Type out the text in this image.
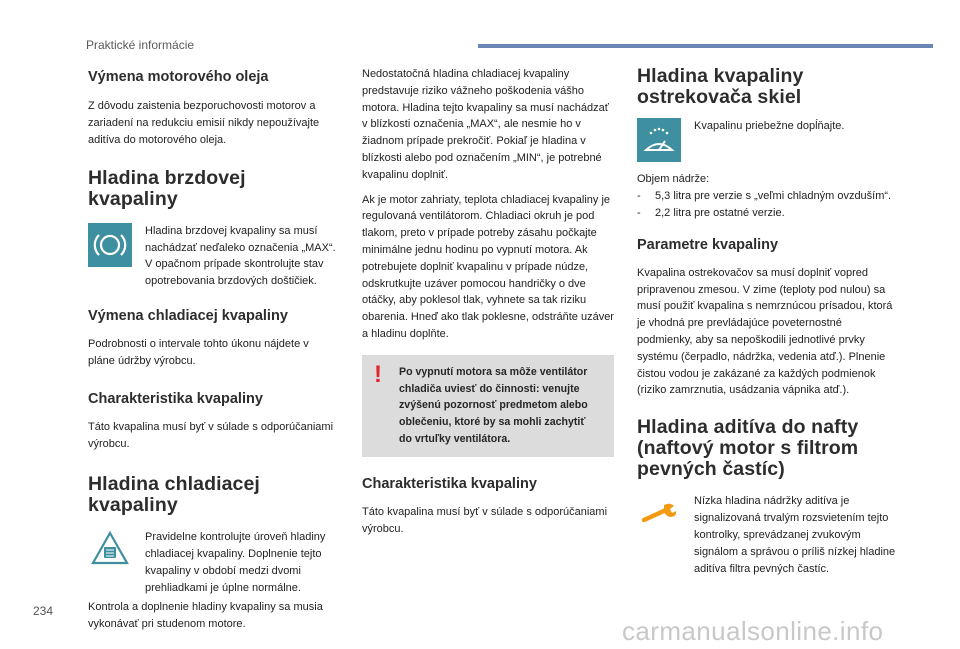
Praktické informácie
Výmena motorového oleja

Z dôvodu zaistenia bezporuchovosti motorov a zariadení na redukciu emisií nikdy nepoužívajte aditíva do motorového oleja.

Hladina brzdovej kvapaliny

Hladina brzdovej kvapaliny sa musí nachádzať neďaleko označenia „MAX“. V opačnom prípade skontrolujte stav opotrebovania brzdových doštičiek.

Výmena chladiacej kvapaliny

Podrobnosti o intervale tohto úkonu nájdete v pláne údržby výrobcu.

Charakteristika kvapaliny

Táto kvapalina musí byť v súlade s odporúčaniami výrobcu.

Hladina chladiacej kvapaliny

Pravidelne kontrolujte úroveň hladiny chladiacej kvapaliny. Doplnenie tejto kvapaliny v období medzi dvomi prehliadkami je úplne normálne.

Kontrola a doplnenie hladiny kvapaliny sa musia vykonávať pri studenom motore.

Nedostatočná hladina chladiacej kvapaliny predstavuje riziko vážneho poškodenia vášho motora. Hladina tejto kvapaliny sa musí nachádzať v blízkosti označenia „MAX“, ale nesmie ho v žiadnom prípade prekročiť. Pokiaľ je hladina v blízkosti alebo pod označením „MIN“, je potrebné kvapalinu doplniť.

Ak je motor zahriaty, teplota chladiacej kvapaliny je regulovaná ventilátorom. Chladiaci okruh je pod tlakom, preto v prípade potreby zásahu počkajte minimálne jednu hodinu po vypnutí motora. Ak potrebujete doplniť kvapalinu v prípade núdze, odskrutkujte uzáver pomocou handričky o dve otáčky, aby poklesol tlak, vyhnete sa tak riziku obarenia. Hneď ako tlak poklesne, odstráňte uzáver a hladinu doplňte.

! Po vypnutí motora sa môže ventilátor chladiča uviesť do činnosti: venujte zvýšenú pozornosť predmetom alebo oblečeniu, ktoré by sa mohli zachytiť do vrtuľky ventilátora.

Charakteristika kvapaliny

Táto kvapalina musí byť v súlade s odporúčaniami výrobcu.

Hladina kvapaliny ostrekovača skiel

Kvapalinu priebežne dopĺňajte.

Objem nádrže:

-	5,3 litra pre verzie s „veľmi chladným ovzduším“.
-	2,2 litra pre ostatné verzie.
Parametre kvapaliny

Kvapalina ostrekovačov sa musí doplniť vopred pripravenou zmesou. V zime (teploty pod nulou) sa musí použiť kvapalina s nemrznúcou prísadou, ktorá je vhodná pre prevládajúce poveternostné podmienky, aby sa nepoškodili jednotlivé prvky systému (čerpadlo, nádržka, vedenia atď.). Plnenie čistou vodou je zakázané za každých podmienok (riziko zamrznutia, usádzania vápnika atď.).

Hladina aditíva do nafty (naftový motor s filtrom pevných častíc)

Nízka hladina nádržky aditíva je signalizovaná trvalým rozsvietením tejto kontrolky, sprevádzanej zvukovým signálom a správou o príliš nízkej hladine aditíva filtra pevných častíc.

234
carmanualsonline.info
